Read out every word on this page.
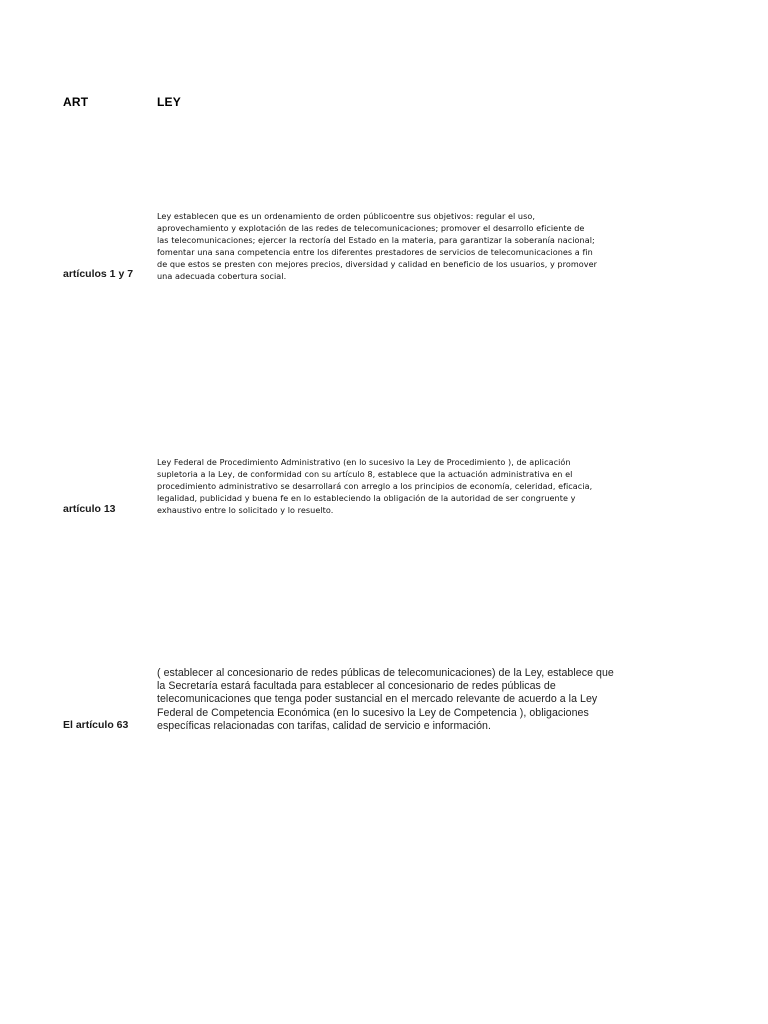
ART	LEY
artículos 1 y 7
Ley establecen que es un ordenamiento de orden públicoentre sus objetivos: regular el uso,
aprovechamiento y explotación de las redes de telecomunicaciones; promover el desarrollo eficiente de
las telecomunicaciones; ejercer la rectoría del Estado en la materia, para garantizar la soberanía nacional;
fomentar una sana competencia entre los diferentes prestadores de servicios de telecomunicaciones a fin
de que estos se presten con mejores precios, diversidad y calidad en beneficio de los usuarios, y promover
una adecuada cobertura social.
artículo 13
Ley Federal de Procedimiento Administrativo (en lo sucesivo la Ley de Procedimiento ), de aplicación
supletoria a la Ley, de conformidad con su artículo 8, establece que la actuación administrativa en el
procedimiento administrativo se desarrollará con arreglo a los principios de economía, celeridad, eficacia,
legalidad, publicidad y buena fe en lo estableciendo la obligación de la autoridad de ser congruente y
exhaustivo entre lo solicitado y lo resuelto.
El artículo 63
( establecer al concesionario de redes públicas de telecomunicaciones) de la Ley, establece que
la Secretaría estará facultada para establecer al concesionario de redes públicas de
telecomunicaciones que tenga poder sustancial en el mercado relevante de acuerdo a la Ley
Federal de Competencia Económica (en lo sucesivo la Ley de Competencia ), obligaciones
específicas relacionadas con tarifas, calidad de servicio e información.
